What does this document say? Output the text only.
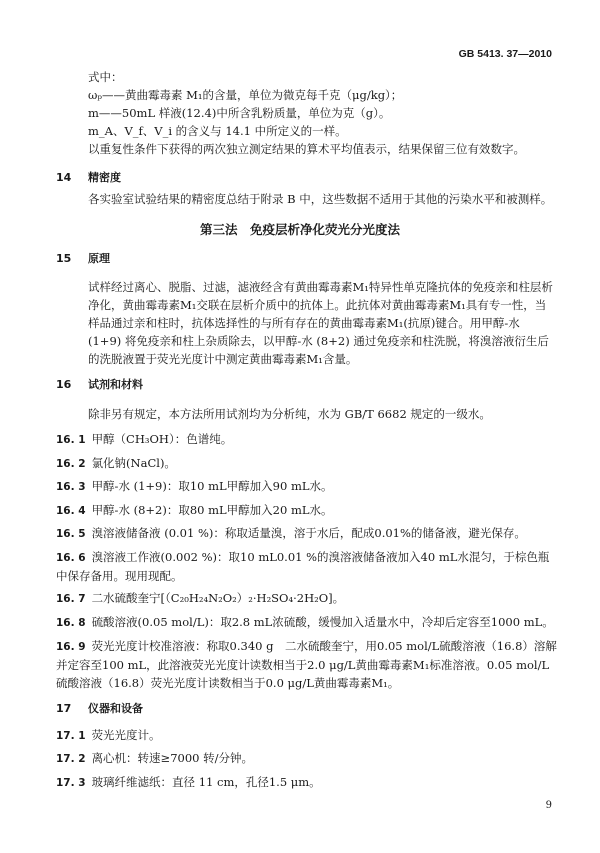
GB 5413. 37—2010
式中：
ωₚ——黄曲霉毒素 M₁的含量，单位为微克每千克（μg/kg）；
m——50mL 样液(12.4)中所含乳粉质量，单位为克（g）。
m_A、V_f、V_i 的含义与 14.1 中所定义的一样。
以重复性条件下获得的两次独立测定结果的算术平均值表示，结果保留三位有效数字。
14 精密度
各实验室试验结果的精密度总结于附录 B 中，这些数据不适用于其他的污染水平和被测样。
第三法　免疫层析净化荧光分光度法
15 原理
试样经过离心、脱脂、过滤，滤液经含有黄曲霉毒素M₁特异性单克隆抗体的免疫亲和柱层析净化，黄曲霉毒素M₁交联在层析介质中的抗体上。此抗体对黄曲霉毒素M₁具有专一性，当样品通过亲和柱时，抗体选择性的与所有存在的黄曲霉毒素M₁(抗原)键合。用甲醇-水 (1+9) 将免疫亲和柱上杂质除去，以甲醇-水 (8+2) 通过免疫亲和柱洗脱，将溴溶液衍生后的洗脱液置于荧光光度计中测定黄曲霉毒素M₁含量。
16 试剂和材料
除非另有规定，本方法所用试剂均为分析纯，水为 GB/T 6682 规定的一级水。
16. 1 甲醇（CH₃OH）：色谱纯。
16. 2 氯化钠(NaCl)。
16. 3 甲醇-水 (1+9)：取10 mL甲醇加入90 mL水。
16. 4 甲醇-水 (8+2)：取80 mL甲醇加入20 mL水。
16. 5 溴溶液储备液 (0.01 %)：称取适量溴，溶于水后，配成0.01%的储备液，避光保存。
16. 6 溴溶液工作液(0.002 %)：取10 mL0.01 %的溴溶液储备液加入40 mL水混匀，于棕色瓶中保存备用。现用现配。
16. 7 二水硫酸奎宁[（C₂₀H₂₄N₂O₂）₂·H₂SO₄·2H₂O]。
16. 8 硫酸溶液(0.05 mol/L)：取2.8 mL浓硫酸，缓慢加入适量水中，冷却后定容至1000 mL。
16. 9 荧光光度计校准溶液：称取0.340 g　二水硫酸奎宁，用0.05 mol/L硫酸溶液（16.8）溶解并定容至100 mL，此溶液荧光光度计读数相当于2.0 μg/L黄曲霉毒素M₁标准溶液。0.05 mol/L硫酸溶液（16.8）荧光光度计读数相当于0.0 μg/L黄曲霉毒素M₁。
17 仪器和设备
17. 1 荧光光度计。
17. 2 离心机：转速≥7000 转/分钟。
17. 3 玻璃纤维滤纸：直径 11 cm，孔径1.5 μm。
9
